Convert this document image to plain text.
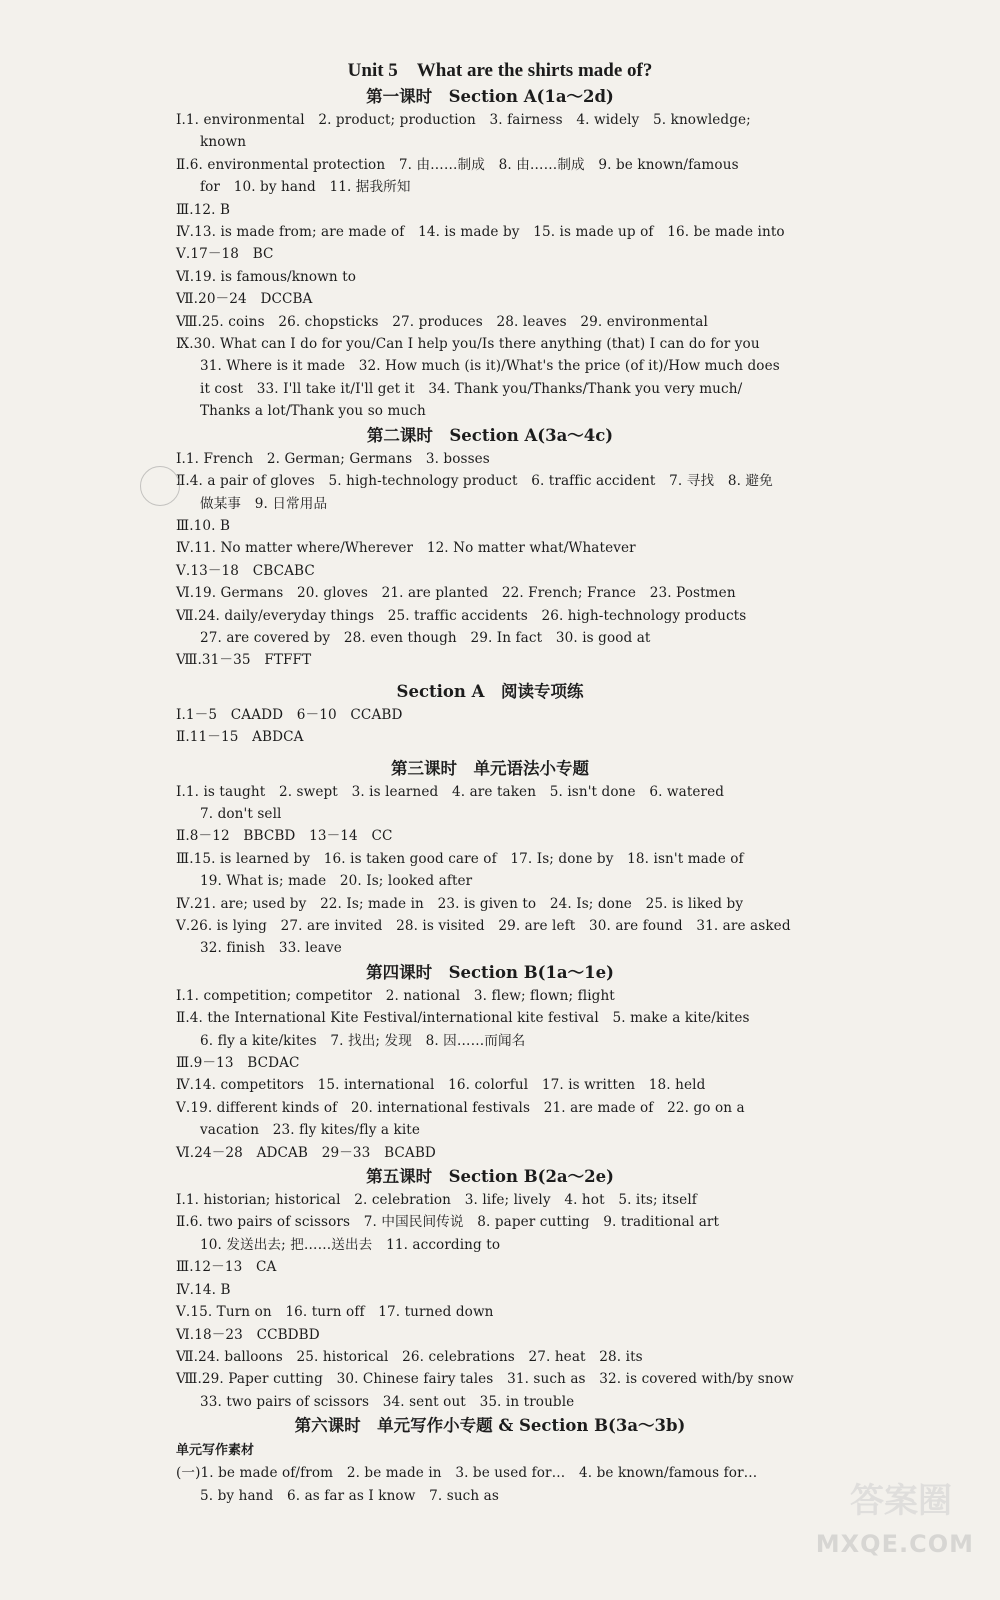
Unit 5　What are the shirts made of?
第一课时　Section A(1a～2d)
Ⅰ.1. environmental　2. product; production　3. fairness　4. widely　5. knowledge;
known
Ⅱ.6. environmental protection　7. 由……制成　8. 由……制成　9. be known/famous
for　10. by hand　11. 据我所知
Ⅲ.12. B
Ⅳ.13. is made from; are made of　14. is made by　15. is made up of　16. be made into
Ⅴ.17－18　BC
Ⅵ.19. is famous/known to
Ⅶ.20－24　DCCBA
Ⅷ.25. coins　26. chopsticks　27. produces　28. leaves　29. environmental
Ⅸ.30. What can I do for you/Can I help you/Is there anything (that) I can do for you
31. Where is it made　32. How much (is it)/What's the price (of it)/How much does
it cost　33. I'll take it/I'll get it　34. Thank you/Thanks/Thank you very much/
Thanks a lot/Thank you so much
第二课时　Section A(3a～4c)
Ⅰ.1. French　2. German; Germans　3. bosses
Ⅱ.4. a pair of gloves　5. high-technology product　6. traffic accident　7. 寻找　8. 避免
做某事　9. 日常用品
Ⅲ.10. B
Ⅳ.11. No matter where/Wherever　12. No matter what/Whatever
Ⅴ.13－18　CBCABC
Ⅵ.19. Germans　20. gloves　21. are planted　22. French; France　23. Postmen
Ⅶ.24. daily/everyday things　25. traffic accidents　26. high-technology products
27. are covered by　28. even though　29. In fact　30. is good at
Ⅷ.31－35　FTFFT
Section A　阅读专项练
Ⅰ.1－5　CAADD　6－10　CCABD
Ⅱ.11－15　ABDCA
第三课时　单元语法小专题
Ⅰ.1. is taught　2. swept　3. is learned　4. are taken　5. isn't done　6. watered
7. don't sell
Ⅱ.8－12　BBCBD　13－14　CC
Ⅲ.15. is learned by　16. is taken good care of　17. Is; done by　18. isn't made of
19. What is; made　20. Is; looked after
Ⅳ.21. are; used by　22. Is; made in　23. is given to　24. Is; done　25. is liked by
Ⅴ.26. is lying　27. are invited　28. is visited　29. are left　30. are found　31. are asked
32. finish　33. leave
第四课时　Section B(1a～1e)
Ⅰ.1. competition; competitor　2. national　3. flew; flown; flight
Ⅱ.4. the International Kite Festival/international kite festival　5. make a kite/kites
6. fly a kite/kites　7. 找出; 发现　8. 因……而闻名
Ⅲ.9－13　BCDAC
Ⅳ.14. competitors　15. international　16. colorful　17. is written　18. held
Ⅴ.19. different kinds of　20. international festivals　21. are made of　22. go on a
vacation　23. fly kites/fly a kite
Ⅵ.24－28　ADCAB　29－33　BCABD
第五课时　Section B(2a～2e)
Ⅰ.1. historian; historical　2. celebration　3. life; lively　4. hot　5. its; itself
Ⅱ.6. two pairs of scissors　7. 中国民间传说　8. paper cutting　9. traditional art
10. 发送出去; 把……送出去　11. according to
Ⅲ.12－13　CA
Ⅳ.14. B
Ⅴ.15. Turn on　16. turn off　17. turned down
Ⅵ.18－23　CCBDBD
Ⅶ.24. balloons　25. historical　26. celebrations　27. heat　28. its
Ⅷ.29. Paper cutting　30. Chinese fairy tales　31. such as　32. is covered with/by snow
33. two pairs of scissors　34. sent out　35. in trouble
第六课时　单元写作小专题 & Section B(3a～3b)
单元写作素材
(一)1. be made of/from　2. be made in　3. be used for…　4. be known/famous for…
5. by hand　6. as far as I know　7. such as	答案圈
MXQE.COM
